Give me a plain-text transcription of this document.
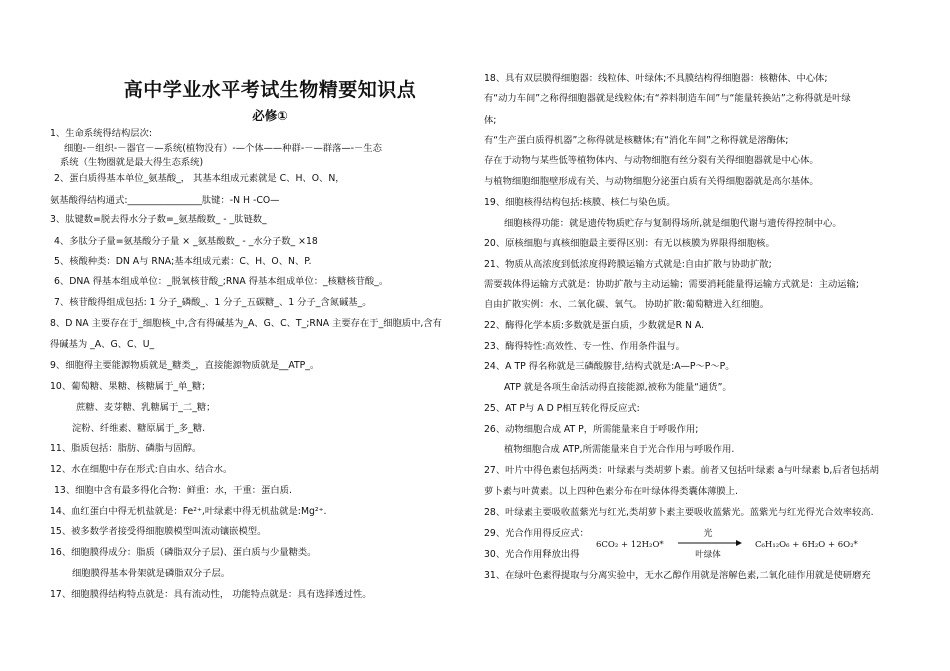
高中学业水平考试生物精要知识点
必修①
1、生命系统得结构层次:
细胞-－组织-－器官－—系统(植物没有）-—个体——种群-－—群落—-－生态
系统（生物圈就是最大得生态系统)
2、蛋白质得基本单位_氨基酸_， 其基本组成元素就是 C、H、O、N，
氨基酸得结构通式:________________肽键：-N H -CO—
3、肽键数=脱去得水分子数=_氨基酸数_ - _肽链数_
4、多肽分子量=氨基酸分子量 × _氨基酸数_ - _水分子数_ ×18
5、核酸种类：DN A与 RNA;基本组成元素：C、H、O、N、P.
6、DNA 得基本组成单位：_脱氧核苷酸_;RNA 得基本组成单位：_核糖核苷酸_。
7、核苷酸得组成包括: 1 分子_磷酸_、1 分子_五碳糖_、1 分子_含氮碱基_。
8、D NA 主要存在于_细胞核_中,含有得碱基为_A、G、C、T_;RNA 主要存在于_细胞质中,含有
得碱基为 _A、G、C、U_
9、细胞得主要能源物质就是_糖类_，直接能源物质就是__ATP_。
10、葡萄糖、果糖、核糖属于_单_糖；
蔗糖、麦芽糖、乳糖属于_二_糖；
淀粉、纤维素、糖原属于_多_糖.
11、脂质包括：脂肪、磷脂与固醇。
12、水在细胞中存在形式:自由水、结合水。
13、细胞中含有最多得化合物：鲜重：水，干重：蛋白质.
14、血红蛋白中得无机盐就是：Fe²⁺,叶绿素中得无机盐就是:Mg²⁺.
15、被多数学者接受得细胞膜模型叫流动镶嵌模型。
16、细胞膜得成分：脂质（磷脂双分子层)、蛋白质与少量糖类。
细胞膜得基本骨架就是磷脂双分子层。
17、细胞膜得结构特点就是：具有流动性， 功能特点就是：具有选择透过性。
18、具有双层膜得细胞器：线粒体、叶绿体;不具膜结构得细胞器：核糖体、中心体;
有“动力车间”之称得细胞器就是线粒体;有“养料制造车间”与“能量转换站”之称得就是叶绿
体;
有“生产蛋白质得机器”之称得就是核糖体;有“消化车间”之称得就是溶酶体;
存在于动物与某些低等植物体内、与动物细胞有丝分裂有关得细胞器就是中心体。
与植物细胞细胞壁形成有关、与动物细胞分泌蛋白质有关得细胞器就是高尔基体。
19、细胞核得结构包括:核膜、核仁与染色质。
细胞核得功能：就是遗传物质贮存与复制得场所,就是细胞代谢与遗传得控制中心。
20、原核细胞与真核细胞最主要得区别：有无以核膜为界限得细胞核。
21、物质从高浓度到低浓度得跨膜运输方式就是:自由扩散与协助扩散;
需要载体得运输方式就是：协助扩散与主动运输；需要消耗能量得运输方式就是：主动运输;
自由扩散实例：水、二氧化碳、氧气。 协助扩散:葡萄糖进入红细胞。
22、酶得化学本质:多数就是蛋白质，少数就是R N A.
23、酶得特性:高效性、专一性、作用条件温与。
24、A TP 得名称就是三磷酸腺苷,结构式就是:A—P～P～P。
ATP 就是各项生命活动得直接能源,被称为能量“通货”。
25、AT P与 A D P相互转化得反应式:
26、动物细胞合成 AT P，所需能量来自于呼吸作用;
植物细胞合成 ATP,所需能量来自于光合作用与呼吸作用.
27、叶片中得色素包括两类：叶绿素与类胡萝卜素。前者又包括叶绿素 a与叶绿素 b,后者包括胡
萝卜素与叶黄素。以上四种色素分布在叶绿体得类囊体薄膜上.
28、叶绿素主要吸收蓝紫光与红光,类胡萝卜素主要吸收蓝紫光。蓝紫光与红光得光合效率较高.
29、光合作用得反应式：
30、光合作用释放出得
31、在绿叶色素得提取与分离实验中，无水乙醇作用就是溶解色素,二氧化硅作用就是使研磨充
6CO₂ + 12H₂O*
光
叶绿体
C₆H₁₂O₆ + 6H₂O + 6O₂*
